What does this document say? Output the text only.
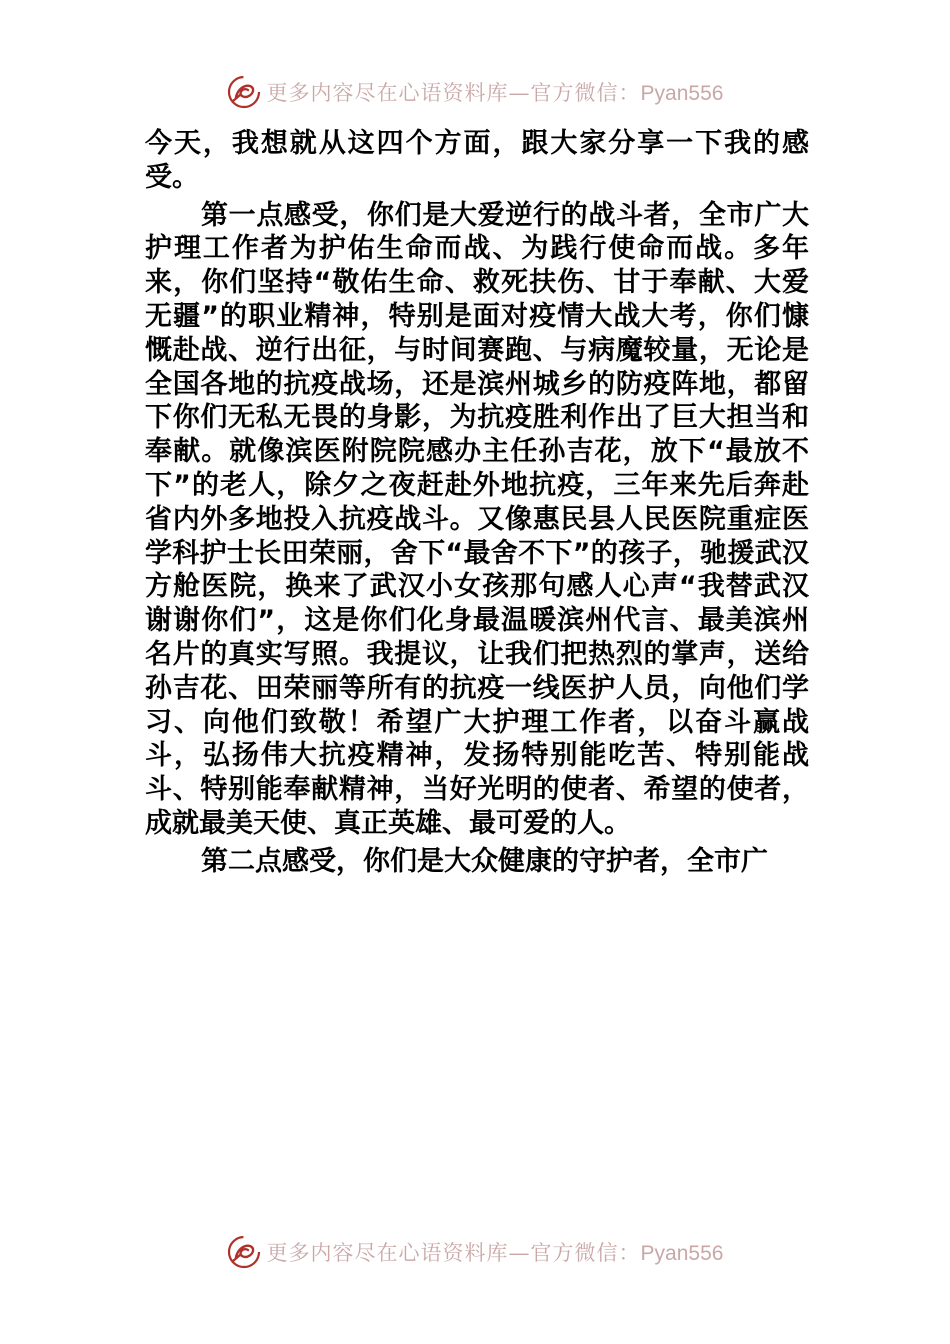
更多内容尽在心语资料库—官方微信：Pyan556

今天，我想就从这四个方面，跟大家分享一下我的感受。

第一点感受，你们是大爱逆行的战斗者，全市广大护理工作者为护佑生命而战、为践行使命而战。多年来，你们坚持“敬佑生命、救死扶伤、甘于奉献、大爱无疆”的职业精神，特别是面对疫情大战大考，你们慷慨赴战、逆行出征，与时间赛跑、与病魔较量，无论是全国各地的抗疫战场，还是滨州城乡的防疫阵地，都留下你们无私无畏的身影，为抗疫胜利作出了巨大担当和奉献。就像滨医附院院感办主任孙吉花，放下“最放不下”的老人，除夕之夜赶赴外地抗疫，三年来先后奔赴省内外多地投入抗疫战斗。又像惠民县人民医院重症医学科护士长田荣丽，舍下“最舍不下”的孩子，驰援武汉方舱医院，换来了武汉小女孩那句感人心声“我替武汉谢谢你们”，这是你们化身最温暖滨州代言、最美滨州名片的真实写照。我提议，让我们把热烈的掌声，送给孙吉花、田荣丽等所有的抗疫一线医护人员，向他们学习、向他们致敬！希望广大护理工作者，以奋斗赢战斗，弘扬伟大抗疫精神，发扬特别能吃苦、特别能战斗、特别能奉献精神，当好光明的使者、希望的使者，成就最美天使、真正英雄、最可爱的人。

第二点感受，你们是大众健康的守护者，全市广

更多内容尽在心语资料库—官方微信：Pyan556
